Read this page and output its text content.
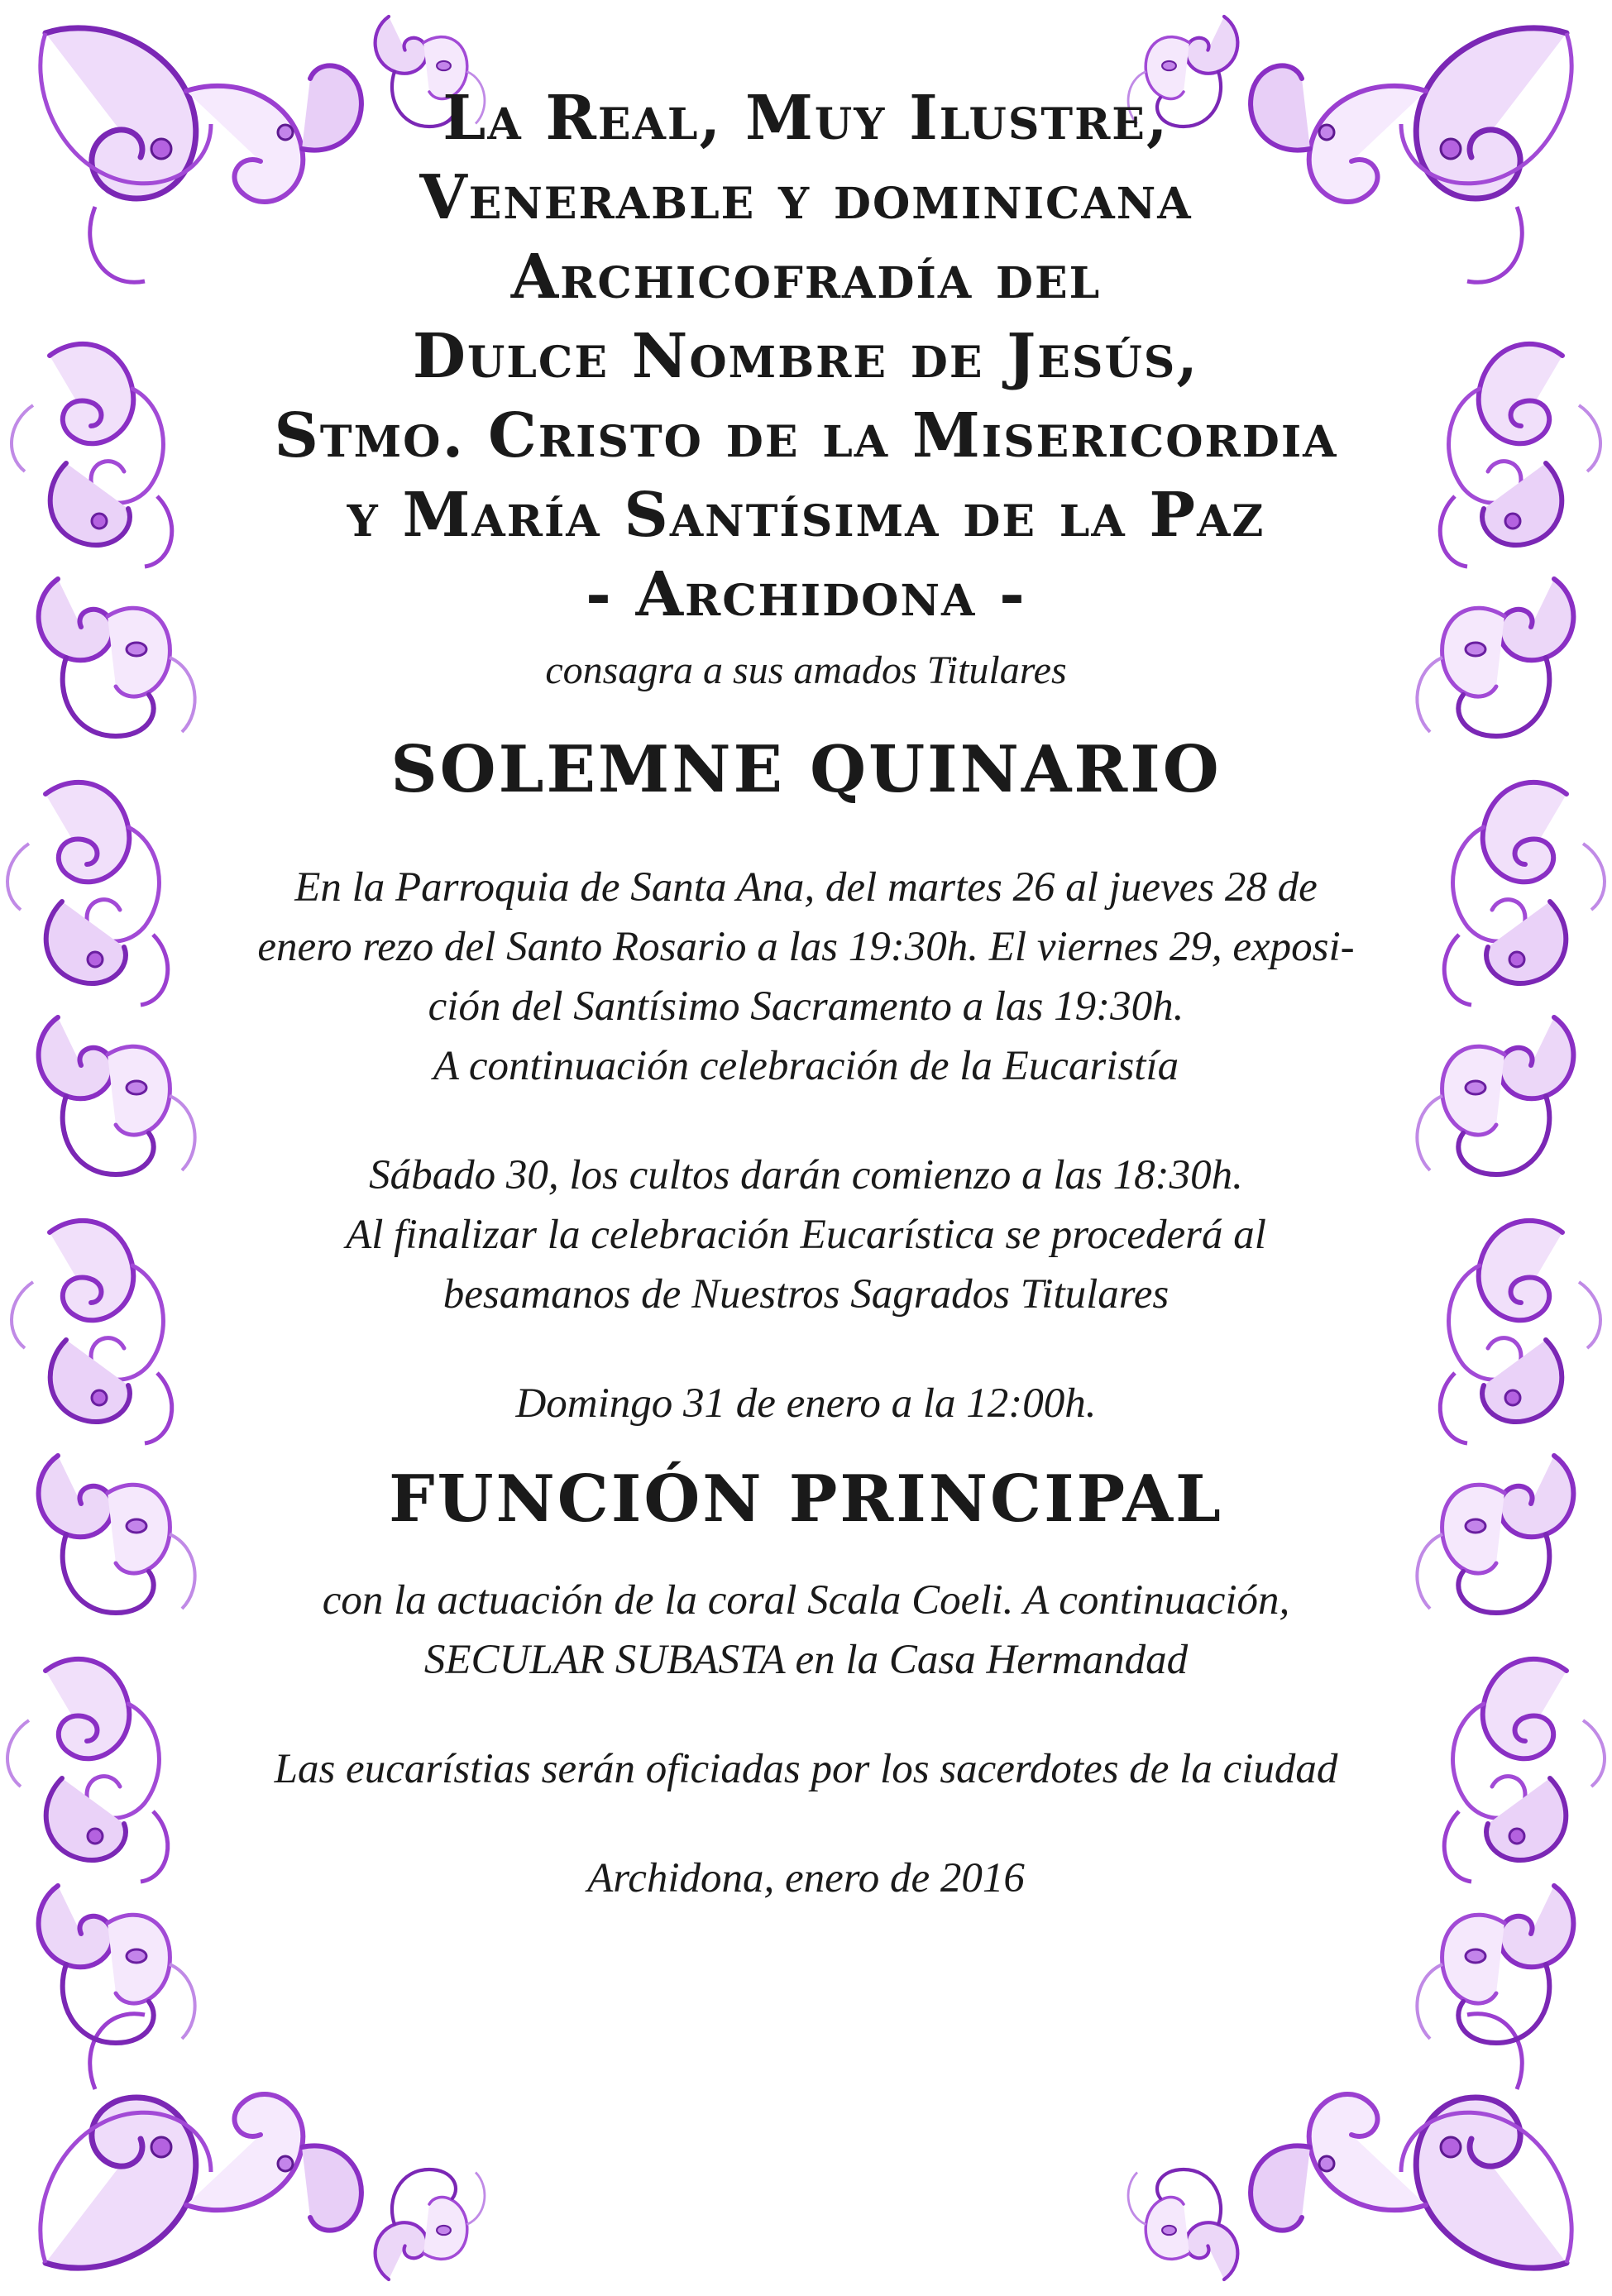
La Real, Muy Ilustre,

Venerable y dominicana

Archicofradía del

Dulce Nombre de Jesús,

Stmo. Cristo de la Misericordia

y María Santísima de la Paz

- Archidona -

consagra a sus amados Titulares

SOLEMNE QUINARIO

En la Parroquia de Santa Ana, del martes 26 al jueves 28 de

enero rezo del Santo Rosario a las 19:30h. El viernes 29, exposi-

ción del Santísimo Sacramento a las 19:30h.

A continuación celebración de la Eucaristía

Sábado 30, los cultos darán comienzo a las 18:30h.

Al finalizar la celebración Eucarística se procederá al

besamanos de Nuestros Sagrados Titulares

Domingo 31 de enero a la 12:00h.

FUNCIÓN PRINCIPAL

con la actuación de la coral Scala Coeli. A continuación,

SECULAR SUBASTA en la Casa Hermandad

Las eucarístias serán oficiadas por los sacerdotes de la ciudad

Archidona, enero de 2016
